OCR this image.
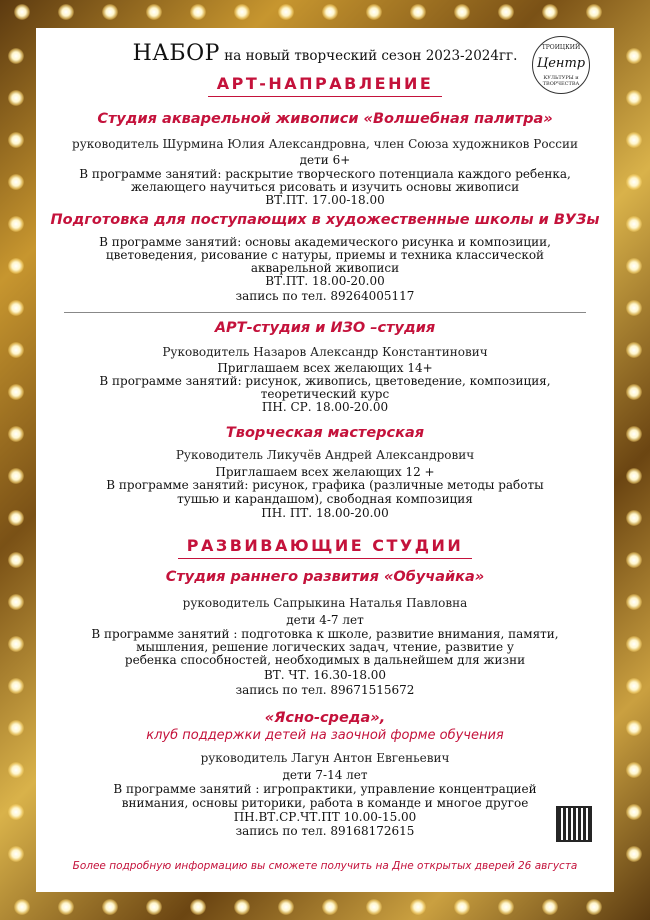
НАБОР на новый творческий сезон 2023-2024гг.
ТРОИЦКИЙ
Центр
КУЛЬТУРЫ и ТВОРЧЕСТВА
АРТ-НАПРАВЛЕНИЕ
Студия акварельной живописи «Волшебная палитра»
руководитель Шурмина Юлия Александровна, член Союза художников России
дети 6+
В программе занятий: раскрытие творческого потенциала каждого ребенка,
желающего научиться рисовать и изучить основы живописи
ВТ.ПТ. 17.00-18.00
Подготовка для поступающих в художественные школы и ВУЗы
В программе занятий: основы академического рисунка и композиции,
цветоведения, рисование с натуры, приемы и техника классической
акварельной живописи
ВТ.ПТ. 18.00-20.00
запись по тел. 89264005117
АРТ-студия и ИЗО –студия
Руководитель Назаров Александр Константинович
Приглашаем всех желающих 14+
В программе занятий: рисунок, живопись, цветоведение, композиция,
теоретический курс
ПН. СР. 18.00-20.00
Творческая мастерская
Руководитель Ликучёв Андрей Александрович
Приглашаем всех желающих 12 +
В программе занятий: рисунок, графика (различные методы работы
тушью и карандашом), свободная композиция
ПН. ПТ. 18.00-20.00
РАЗВИВАЮЩИЕ СТУДИИ
Студия раннего развития «Обучайка»
руководитель Сапрыкина Наталья Павловна
дети 4-7 лет
В программе занятий : подготовка к школе, развитие внимания, памяти,
мышления, решение логических задач, чтение, развитие у
ребенка способностей, необходимых в дальнейшем для жизни
ВТ. ЧТ. 16.30-18.00
запись по тел. 89671515672
«Ясно-среда»,
клуб поддержки детей на заочной форме обучения
руководитель Лагун Антон Евгеньевич
дети 7-14 лет
В программе занятий : игропрактики, управление концентрацией
внимания, основы риторики, работа в команде и многое другое
ПН.ВТ.СР.ЧТ.ПТ 10.00-15.00
запись по тел. 89168172615
Более подробную информацию вы сможете получить на Дне открытых дверей 26 августа
